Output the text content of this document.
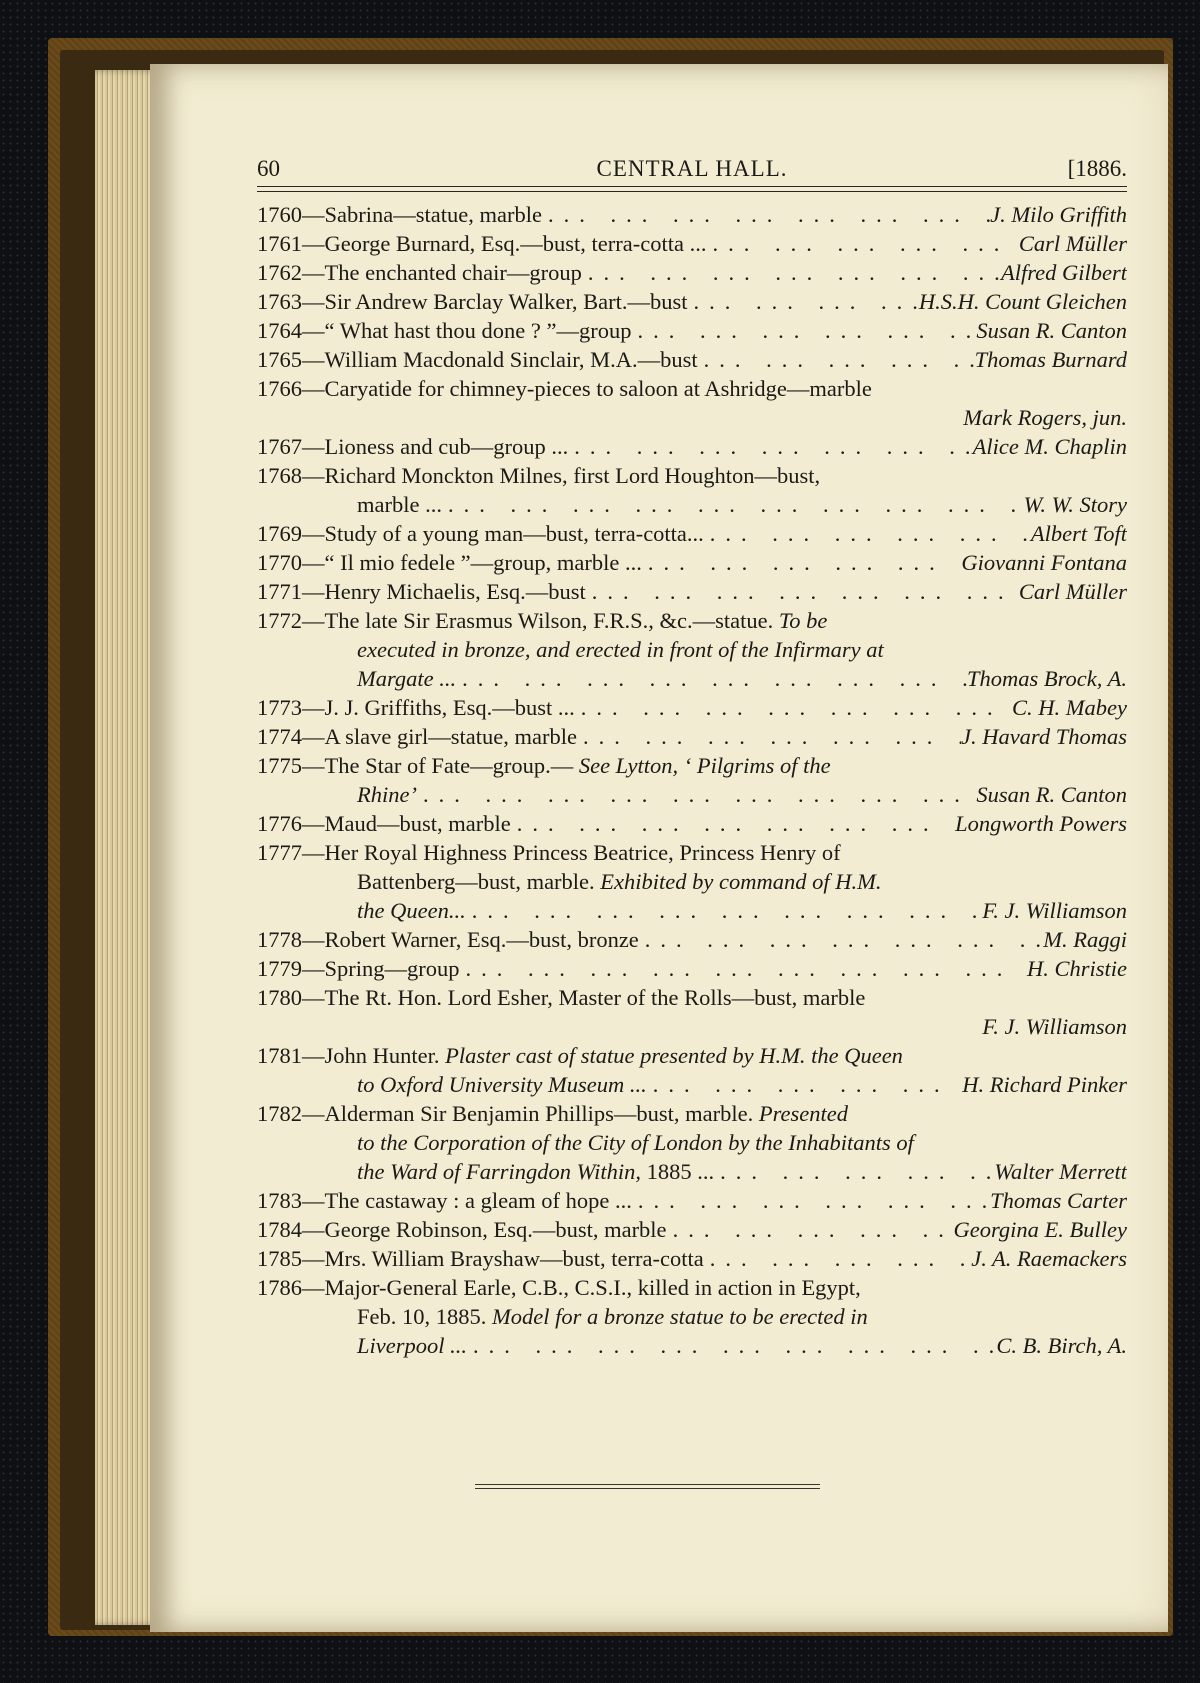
60	CENTRAL HALL.	[1886.
1760—Sabrina—statue, marble ... .	J. Milo Griffith
1761—George Burnard, Esq.—bust, terra-cotta ... ... .	Carl Müller
1762—The enchanted chair—group ... .	Alfred Gilbert
1763—Sir Andrew Barclay Walker, Bart.—bust ... .	H.S.H. Count Gleichen
1764—“ What hast thou done ? ”—group ... .	Susan R. Canton
1765—William Macdonald Sinclair, M.A.—bust ... .	Thomas Burnard
1766—Caryatide for chimney-pieces to saloon at Ashridge—marble
Mark Rogers, jun.
1767—Lioness and cub—group ... ... .	Alice M. Chaplin
1768—Richard Monckton Milnes, first Lord Houghton—bust,
marble ... ... .	W. W. Story
1769—Study of a young man—bust, terra-cotta... ... .	Albert Toft
1770—“ Il mio fedele ”—group, marble ... ... .	Giovanni Fontana
1771—Henry Michaelis, Esq.—bust ... .	Carl Müller
1772—The late Sir Erasmus Wilson, F.R.S., &c.—statue. To be
executed in bronze, and erected in front of the Infirmary at
Margate ... ... .	Thomas Brock, A.
1773—J. J. Griffiths, Esq.—bust ... ... .	C. H. Mabey
1774—A slave girl—statue, marble ... .	J. Havard Thomas
1775—The Star of Fate—group.— See Lytton, ‘ Pilgrims of the
Rhine’ ... .	Susan R. Canton
1776—Maud—bust, marble ... .	Longworth Powers
1777—Her Royal Highness Princess Beatrice, Princess Henry of
Battenberg—bust, marble. Exhibited by command of H.M.
the Queen... ... .	F. J. Williamson
1778—Robert Warner, Esq.—bust, bronze ... .	M. Raggi
1779—Spring—group ... .	H. Christie
1780—The Rt. Hon. Lord Esher, Master of the Rolls—bust, marble
F. J. Williamson
1781—John Hunter. Plaster cast of statue presented by H.M. the Queen
to Oxford University Museum ... ... .	H. Richard Pinker
1782—Alderman Sir Benjamin Phillips—bust, marble. Presented
to the Corporation of the City of London by the Inhabitants of
the Ward of Farringdon Within, 1885 ... ... .	Walter Merrett
1783—The castaway : a gleam of hope ... ... .	Thomas Carter
1784—George Robinson, Esq.—bust, marble ... .	Georgina E. Bulley
1785—Mrs. William Brayshaw—bust, terra-cotta ... .	J. A. Raemackers
1786—Major-General Earle, C.B., C.S.I., killed in action in Egypt,
Feb. 10, 1885. Model for a bronze statue to be erected in
Liverpool ... ... .	C. B. Birch, A.
